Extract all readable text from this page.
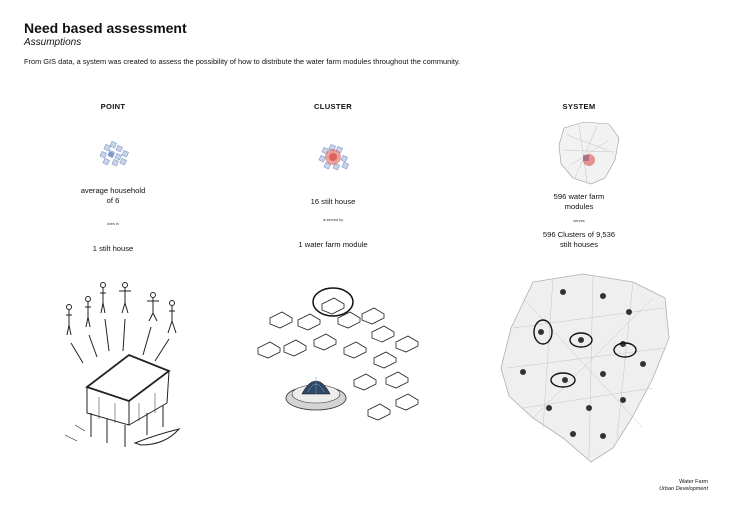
Need based assessment
Assumptions
From GIS data, a system was created to assess the possibility of how to distribute the water farm modules throughout the community.
POINT
average household of 6
lives in
1 stilt house
CLUSTER
16 stilt house
is served by
1 water farm module
SYSTEM
596 water farm modules
serves
596 Clusters of 9,536 stilt houses
Water Farm
Urban Development
